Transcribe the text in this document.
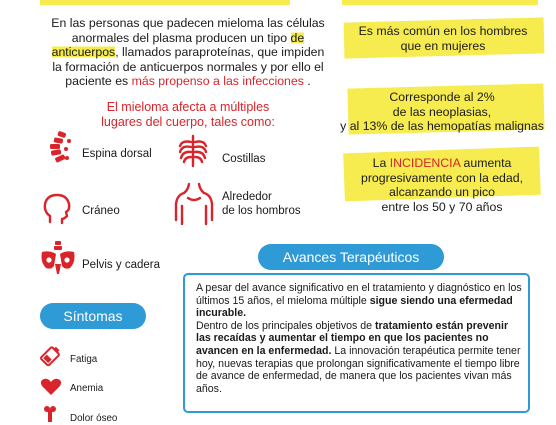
En las personas que padecen mieloma las células anormales del plasma producen un tipo de anticuerpos, llamados paraproteínas, que impiden la formación de anticuerpos normales y por ello el paciente es más propenso a las infecciones .
El mieloma afecta a múltiples
lugares del cuerpo, tales como:
Espina dorsal	Costillas
Cráneo
Alrededor
de los hombros
Pelvis y cadera
Es más común en los hombres
que en mujeres
Corresponde al 2%
de las neoplasias,
y al 13% de las hemopatías malignas
La INCIDENCIA aumenta
progresivamente con la edad,
alcanzando un pico
entre los 50 y 70 años
Avances Terapéuticos
A pesar del avance significativo en el tratamiento y diagnóstico en los últimos 15 años, el mieloma múltiple sigue siendo una efermedad incurable.
Dentro de los principales objetivos de tratamiento están prevenir las recaídas y aumentar el tiempo en que los pacientes no avancen en la enfermedad. La innovación terapéutica permite tener hoy, nuevas terapias que prolongan significativamente el tiempo libre de avance de enfermedad, de manera que los pacientes vivan más años.
Síntomas
Fatiga
Anemia
Dolor óseo
